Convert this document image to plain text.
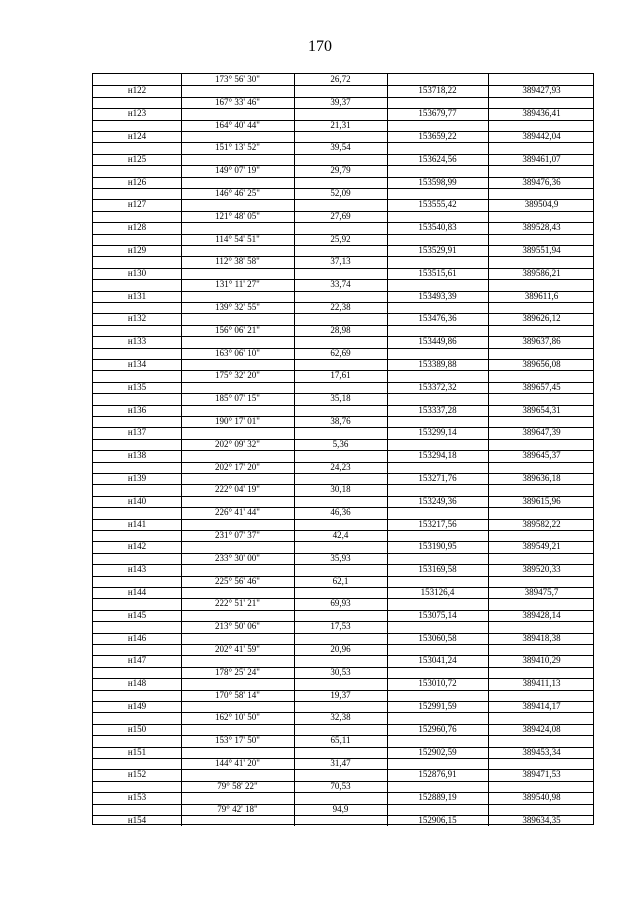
170
173° 56' 30"	26,72
н122	153718,22	389427,93
167° 33' 46"	39,37
н123	153679,77	389436,41
164° 40' 44"	21,31
н124	153659,22	389442,04
151° 13' 52"	39,54
н125	153624,56	389461,07
149° 07' 19"	29,79
н126	153598,99	389476,36
146° 46' 25"	52,09
н127	153555,42	389504,9
121° 48' 05"	27,69
н128	153540,83	389528,43
114° 54' 51"	25,92
н129	153529,91	389551,94
112° 38' 58"	37,13
н130	153515,61	389586,21
131° 11' 27"	33,74
н131	153493,39	389611,6
139° 32' 55"	22,38
н132	153476,36	389626,12
156° 06' 21"	28,98
н133	153449,86	389637,86
163° 06' 10"	62,69
н134	153389,88	389656,08
175° 32' 20"	17,61
н135	153372,32	389657,45
185° 07' 15"	35,18
н136	153337,28	389654,31
190° 17' 01"	38,76
н137	153299,14	389647,39
202° 09' 32"	5,36
н138	153294,18	389645,37
202° 17' 20"	24,23
н139	153271,76	389636,18
222° 04' 19"	30,18
н140	153249,36	389615,96
226° 41' 44"	46,36
н141	153217,56	389582,22
231° 07' 37"	42,4
н142	153190,95	389549,21
233° 30' 00"	35,93
н143	153169,58	389520,33
225° 56' 46"	62,1
н144	153126,4	389475,7
222° 51' 21"	69,93
н145	153075,14	389428,14
213° 50' 06"	17,53
н146	153060,58	389418,38
202° 41' 59"	20,96
н147	153041,24	389410,29
178° 25' 24"	30,53
н148	153010,72	389411,13
170° 58' 14"	19,37
н149	152991,59	389414,17
162° 10' 50"	32,38
н150	152960,76	389424,08
153° 17' 50"	65,11
н151	152902,59	389453,34
144° 41' 20"	31,47
н152	152876,91	389471,53
79° 58' 22"	70,53
н153	152889,19	389540,98
79° 42' 18"	94,9
н154	152906,15	389634,35
